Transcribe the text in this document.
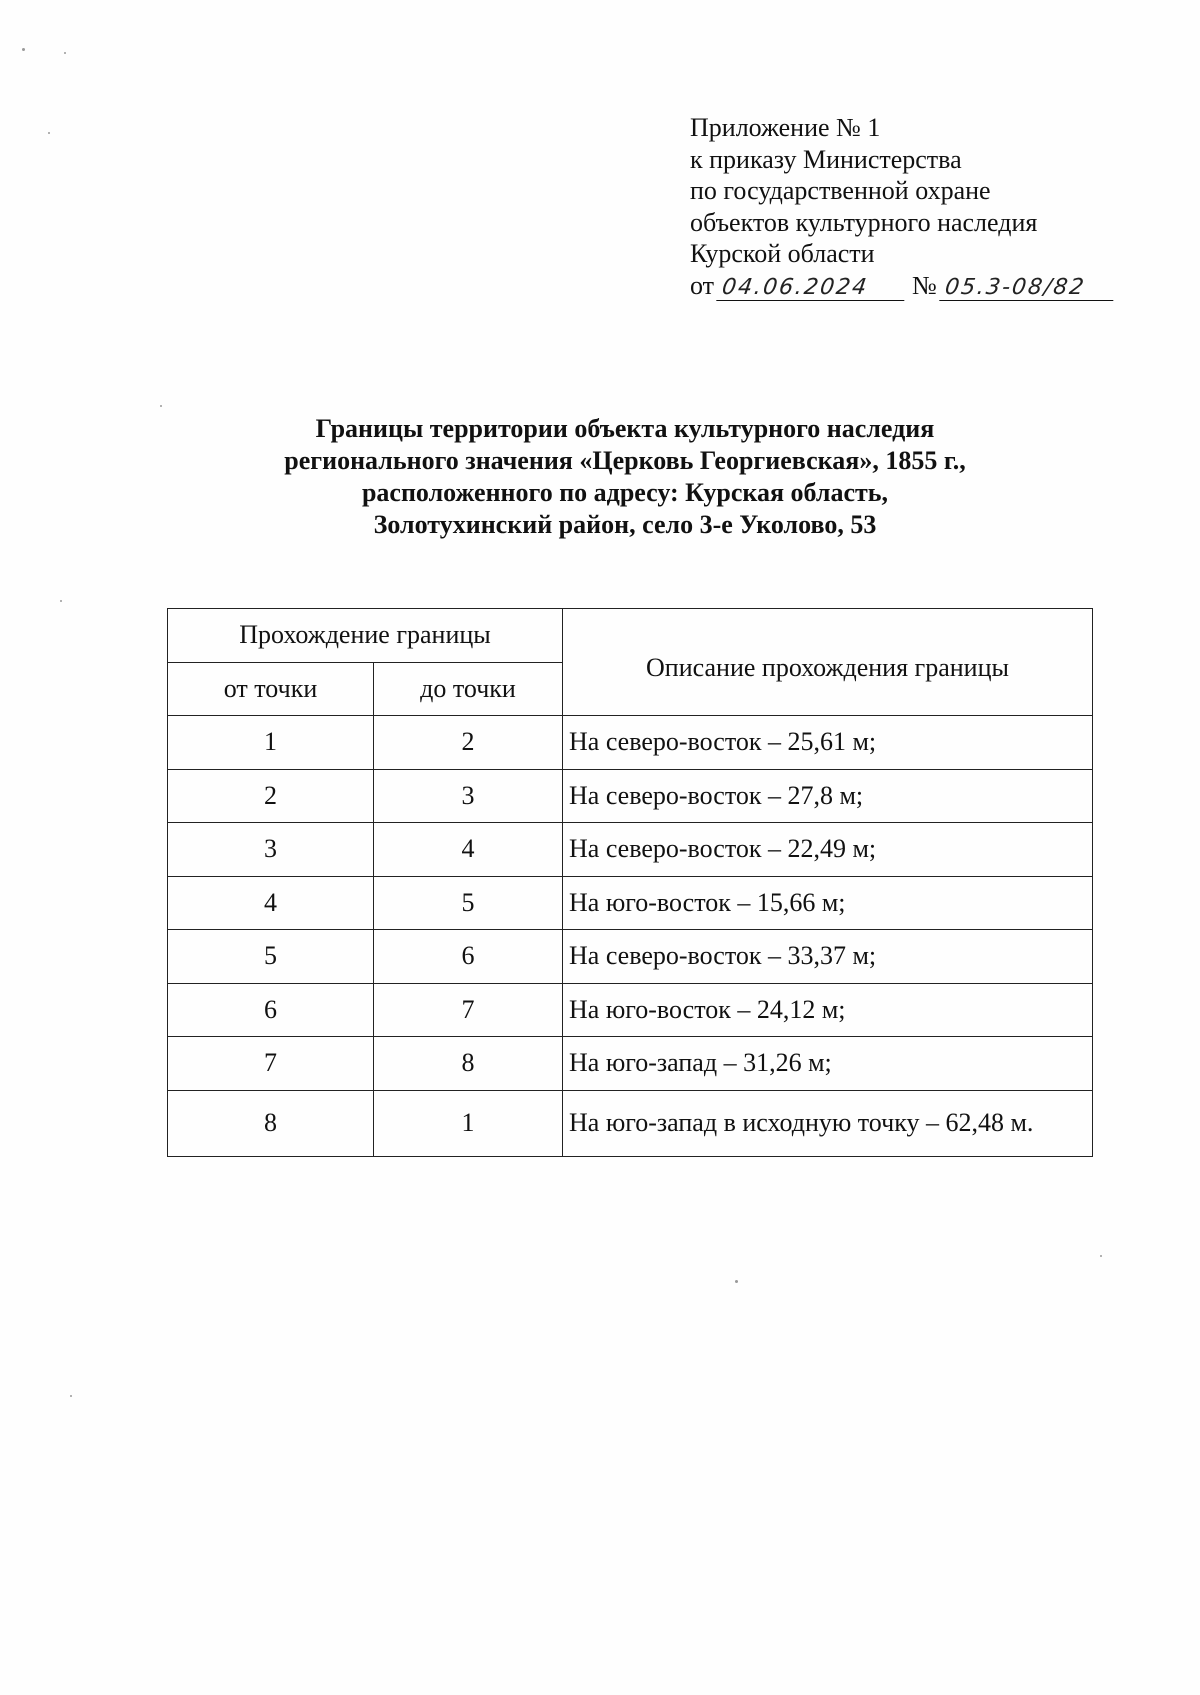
Приложение № 1
к приказу Министерства
по государственной охране
объектов культурного наследия
Курской области
от 04.06.2024	№ 05.3-08/82
Границы территории объекта культурного наследия
регионального значения «Церковь Георгиевская», 1855 г.,
расположенного по адресу: Курская область,
Золотухинский район, село 3-е Уколово, 53
Прохождение границы		Описание прохождения границы
от точки	до точки	
1	2	На северо-восток – 25,61 м;
2	3	На северо-восток – 27,8 м;
3	4	На северо-восток – 22,49 м;
4	5	На юго-восток – 15,66 м;
5	6	На северо-восток – 33,37 м;
6	7	На юго-восток – 24,12 м;
7	8	На юго-запад – 31,26 м;
8	1	На юго-запад в исходную точку – 62,48 м.
